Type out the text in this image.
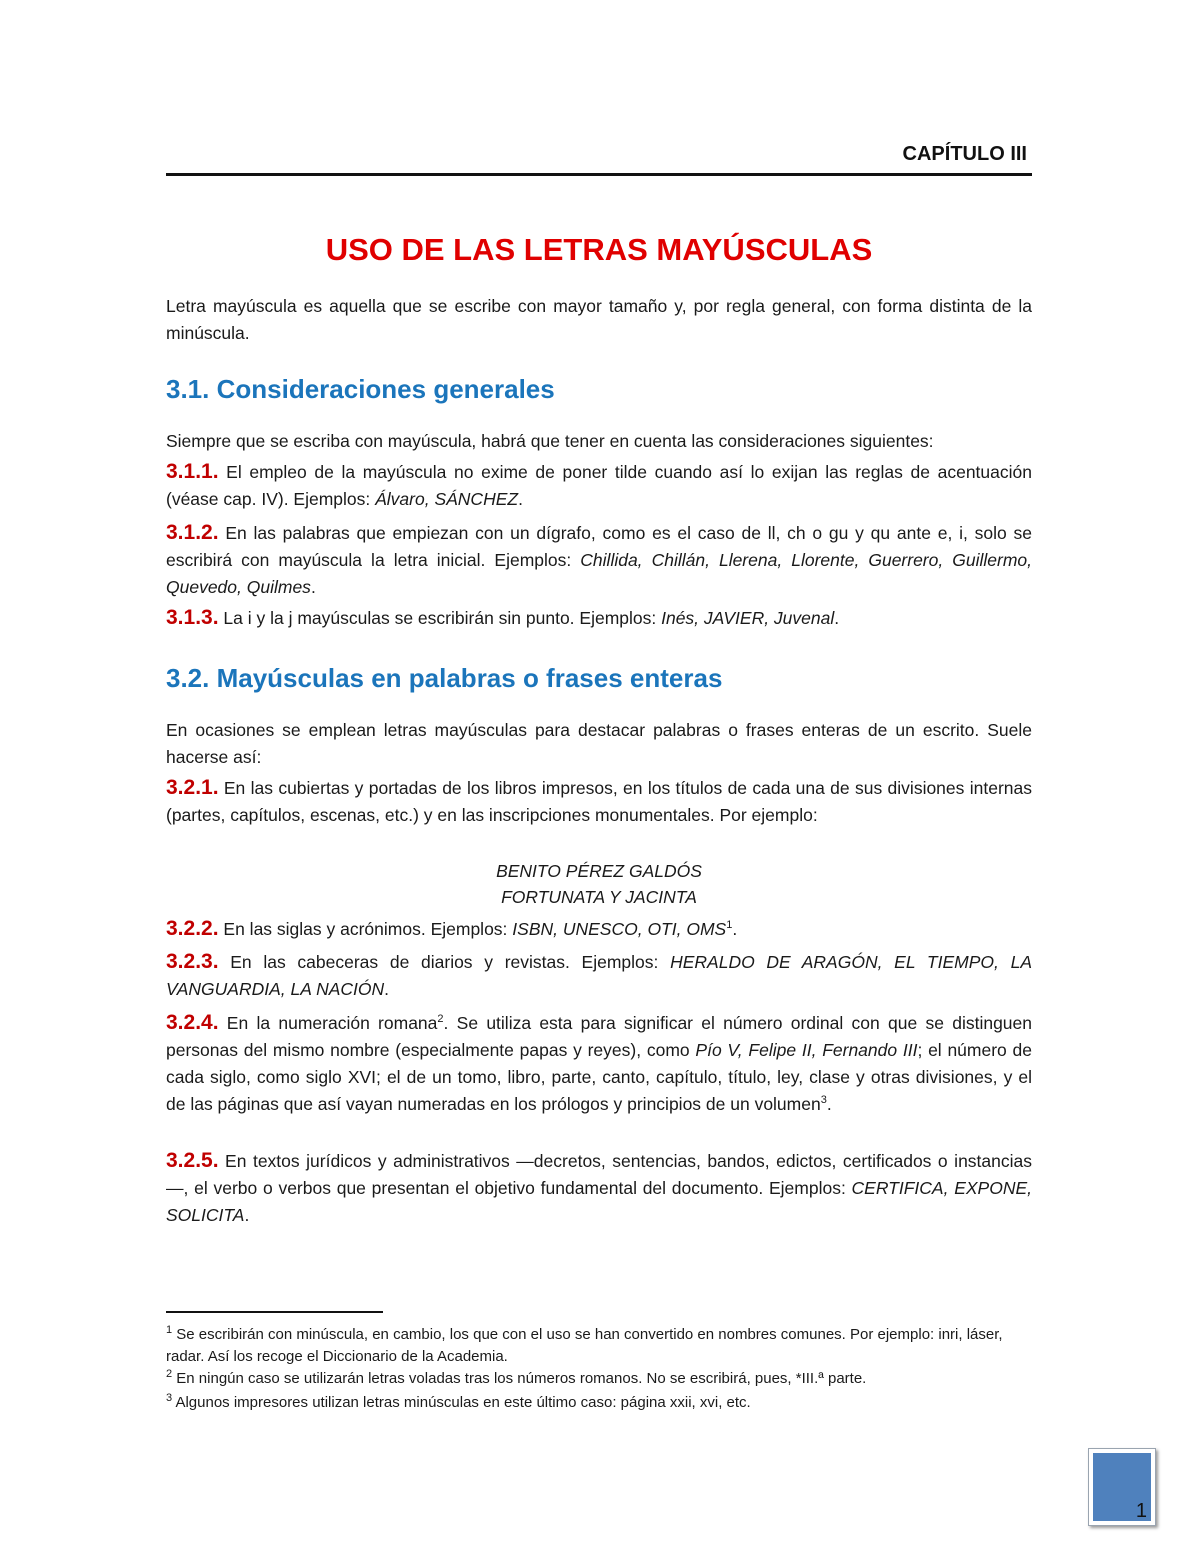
CAPÍTULO III
USO DE LAS LETRAS MAYÚSCULAS

Letra mayúscula es aquella que se escribe con mayor tamaño y, por regla general, con forma distinta de la minúscula.

3.1. Consideraciones generales

Siempre que se escriba con mayúscula, habrá que tener en cuenta las consideraciones siguientes:

3.1.1. El empleo de la mayúscula no exime de poner tilde cuando así lo exijan las reglas de acentuación (véase cap. IV). Ejemplos: Álvaro, SÁNCHEZ.

3.1.2. En las palabras que empiezan con un dígrafo, como es el caso de ll, ch o gu y qu ante e, i, solo se escribirá con mayúscula la letra inicial. Ejemplos: Chillida, Chillán, Llerena, Llorente, Guerrero, Guillermo, Quevedo, Quilmes.

3.1.3. La i y la j mayúsculas se escribirán sin punto. Ejemplos: Inés, JAVIER, Juvenal.

3.2. Mayúsculas en palabras o frases enteras

En ocasiones se emplean letras mayúsculas para destacar palabras o frases enteras de un escrito. Suele hacerse así:

3.2.1. En las cubiertas y portadas de los libros impresos, en los títulos de cada una de sus divisiones internas (partes, capítulos, escenas, etc.) y en las inscripciones monumentales. Por ejemplo:

BENITO PÉREZ GALDÓS
FORTUNATA Y JACINTA

3.2.2. En las siglas y acrónimos. Ejemplos: ISBN, UNESCO, OTI, OMS$^1$.

3.2.3. En las cabeceras de diarios y revistas. Ejemplos: HERALDO DE ARAGÓN, EL TIEMPO, LA VANGUARDIA, LA NACIÓN.

3.2.4. En la numeración romana$^2$. Se utiliza esta para significar el número ordinal con que se distinguen personas del mismo nombre (especialmente papas y reyes), como Pío V, Felipe II, Fernando III; el número de cada siglo, como siglo XVI; el de un tomo, libro, parte, canto, capítulo, título, ley, clase y otras divisiones, y el de las páginas que así vayan numeradas en los prólogos y principios de un volumen$^3$.

3.2.5. En textos jurídicos y administrativos —decretos, sentencias, bandos, edictos, certificados o instancias—, el verbo o verbos que presentan el objetivo fundamental del documento. Ejemplos: CERTIFICA, EXPONE, SOLICITA.

$^1$ Se escribirán con minúscula, en cambio, los que con el uso se han convertido en nombres comunes. Por ejemplo: inri, láser, radar. Así los recoge el Diccionario de la Academia.

$^2$ En ningún caso se utilizarán letras voladas tras los números romanos. No se escribirá, pues, *III.ª parte.

$^3$ Algunos impresores utilizan letras minúsculas en este último caso: página xxii, xvi, etc.

1
